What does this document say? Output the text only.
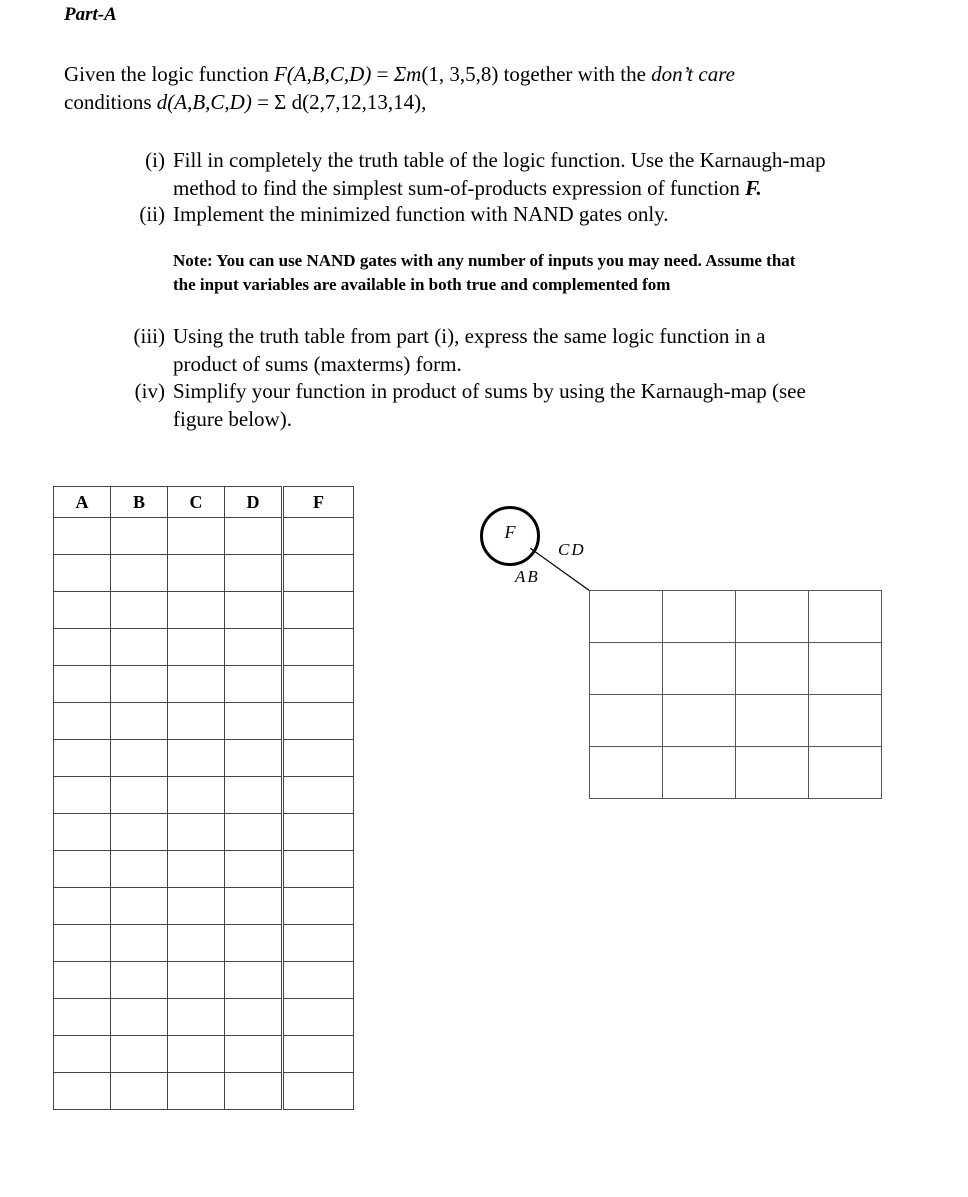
Part-A
Given the logic function F(A,B,C,D) = Σm(1, 3,5,8) together with the don’t care
conditions d(A,B,C,D) = Σ d(2,7,12,13,14),
(i) Fill in completely the truth table of the logic function. Use the Karnaugh-map
method to find the simplest sum-of-products expression of function F.
(ii) Implement the minimized function with NAND gates only.
Note: You can use NAND gates with any number of inputs you may need. Assume that
the input variables are available in both true and complemented fom
(iii) Using the truth table from part (i), express the same logic function in a
product of sums (maxterms) form.
(iv) Simplify your function in product of sums by using the Karnaugh-map (see
figure below).
A	B	C	D	F

F
CD
AB
